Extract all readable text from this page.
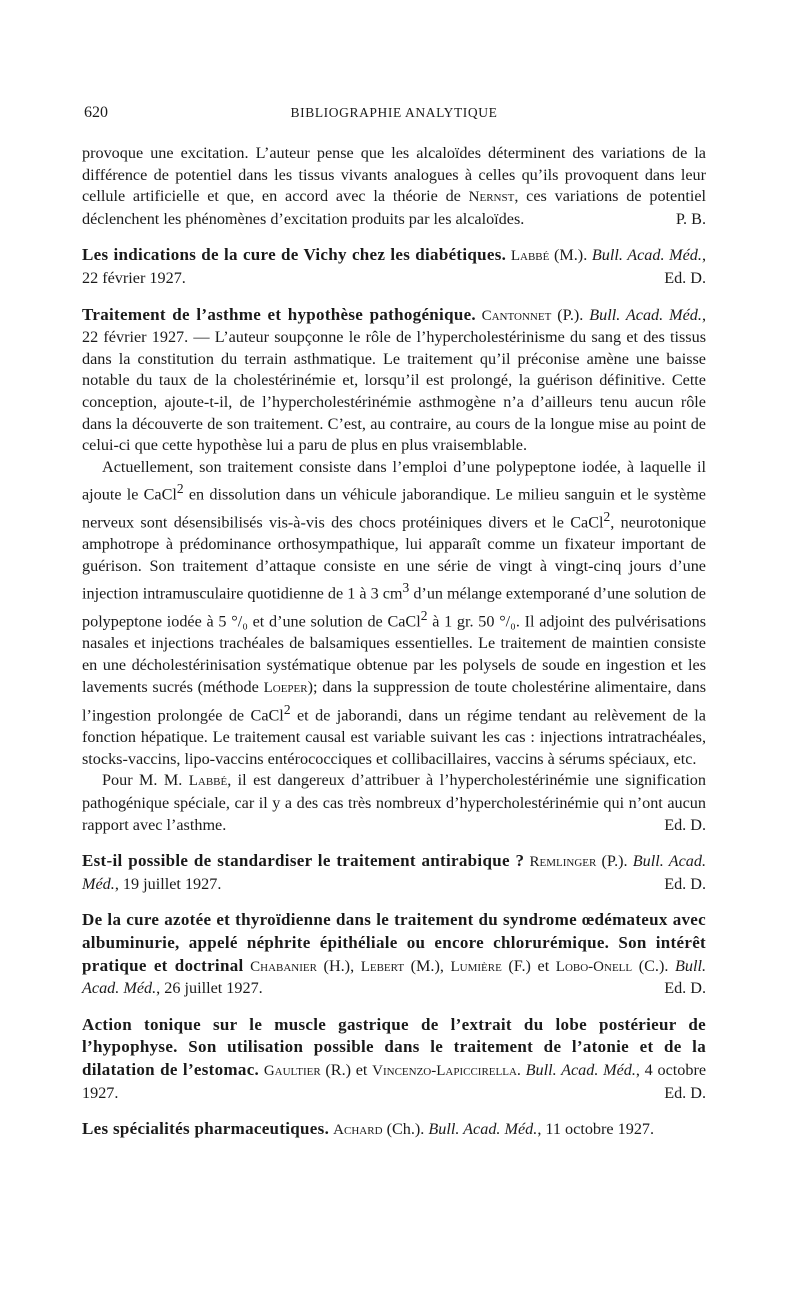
620	BIBLIOGRAPHIE ANALYTIQUE

provoque une excitation. L’auteur pense que les alcaloïdes déterminent des variations de la différence de potentiel dans les tissus vivants analogues à celles qu’ils provoquent dans leur cellule artificielle et que, en accord avec la théorie de Nernst, ces variations de potentiel déclenchent les phénomènes d’excitation produits par les alcaloïdes.	P. B.

Les indications de la cure de Vichy chez les diabétiques. Labbé (M.). Bull. Acad. Méd., 22 février 1927.	Ed. D.

Traitement de l’asthme et hypothèse pathogénique. Cantonnet (P.). Bull. Acad. Méd., 22 février 1927. — L’auteur soupçonne le rôle de l’hypercholestérinisme du sang et des tissus dans la constitution du terrain asthmatique. Le traitement qu’il préconise amène une baisse notable du taux de la cholestérinémie et, lorsqu’il est prolongé, la guérison définitive. Cette conception, ajoute-t-il, de l’hypercholestérinémie asthmogène n’a d’ailleurs tenu aucun rôle dans la découverte de son traitement. C’est, au contraire, au cours de la longue mise au point de celui-ci que cette hypothèse lui a paru de plus en plus vraisemblable.

Actuellement, son traitement consiste dans l’emploi d’une polypeptone iodée, à laquelle il ajoute le CaCl$^2$ en dissolution dans un véhicule jaborandique. Le milieu sanguin et le système nerveux sont désensibilisés vis-à-vis des chocs protéiniques divers et le CaCl$^2$, neurotonique amphotrope à prédominance orthosympathique, lui apparaît comme un fixateur important de guérison. Son traitement d’attaque consiste en une série de vingt à vingt-cinq jours d’une injection intramusculaire quotidienne de 1 à 3 $cm^3$ d’un mélange extemporané d’une solution de polypeptone iodée à 5 °/₀ et d’une solution de CaCl$^2$ à 1 gr. 50 °/₀. Il adjoint des pulvérisations nasales et injections trachéales de balsamiques essentielles. Le traitement de maintien consiste en une décholestérinisation systématique obtenue par les polysels de soude en ingestion et les lavements sucrés (méthode Loeper); dans la suppression de toute cholestérine alimentaire, dans l’ingestion prolongée de CaCl$^2$ et de jaborandi, dans un régime tendant au relèvement de la fonction hépatique. Le traitement causal est variable suivant les cas : injections intratrachéales, stocks-vaccins, lipo-vaccins entérococciques et collibacillaires, vaccins à sérums spéciaux, etc.

Pour M. M. Labbé, il est dangereux d’attribuer à l’hypercholestérinémie une signification pathogénique spéciale, car il y a des cas très nombreux d’hypercholestérinémie qui n’ont aucun rapport avec l’asthme.	Ed. D.

Est-il possible de standardiser le traitement antirabique ? Remlinger (P.). Bull. Acad. Méd., 19 juillet 1927.	Ed. D.

De la cure azotée et thyroïdienne dans le traitement du syndrome œdémateux avec albuminurie, appelé néphrite épithéliale ou encore chlorurémique. Son intérêt pratique et doctrinal Chabanier (H.), Lebert (M.), Lumière (F.) et Lobo-Onell (C.). Bull. Acad. Méd., 26 juillet 1927.	Ed. D.

Action tonique sur le muscle gastrique de l’extrait du lobe postérieur de l’hypophyse. Son utilisation possible dans le traitement de l’atonie et de la dilatation de l’estomac. Gaultier (R.) et Vincenzo-Lapiccirella. Bull. Acad. Méd., 4 octobre 1927.	Ed. D.

Les spécialités pharmaceutiques. Achard (Ch.). Bull. Acad. Méd., 11 octobre 1927.
